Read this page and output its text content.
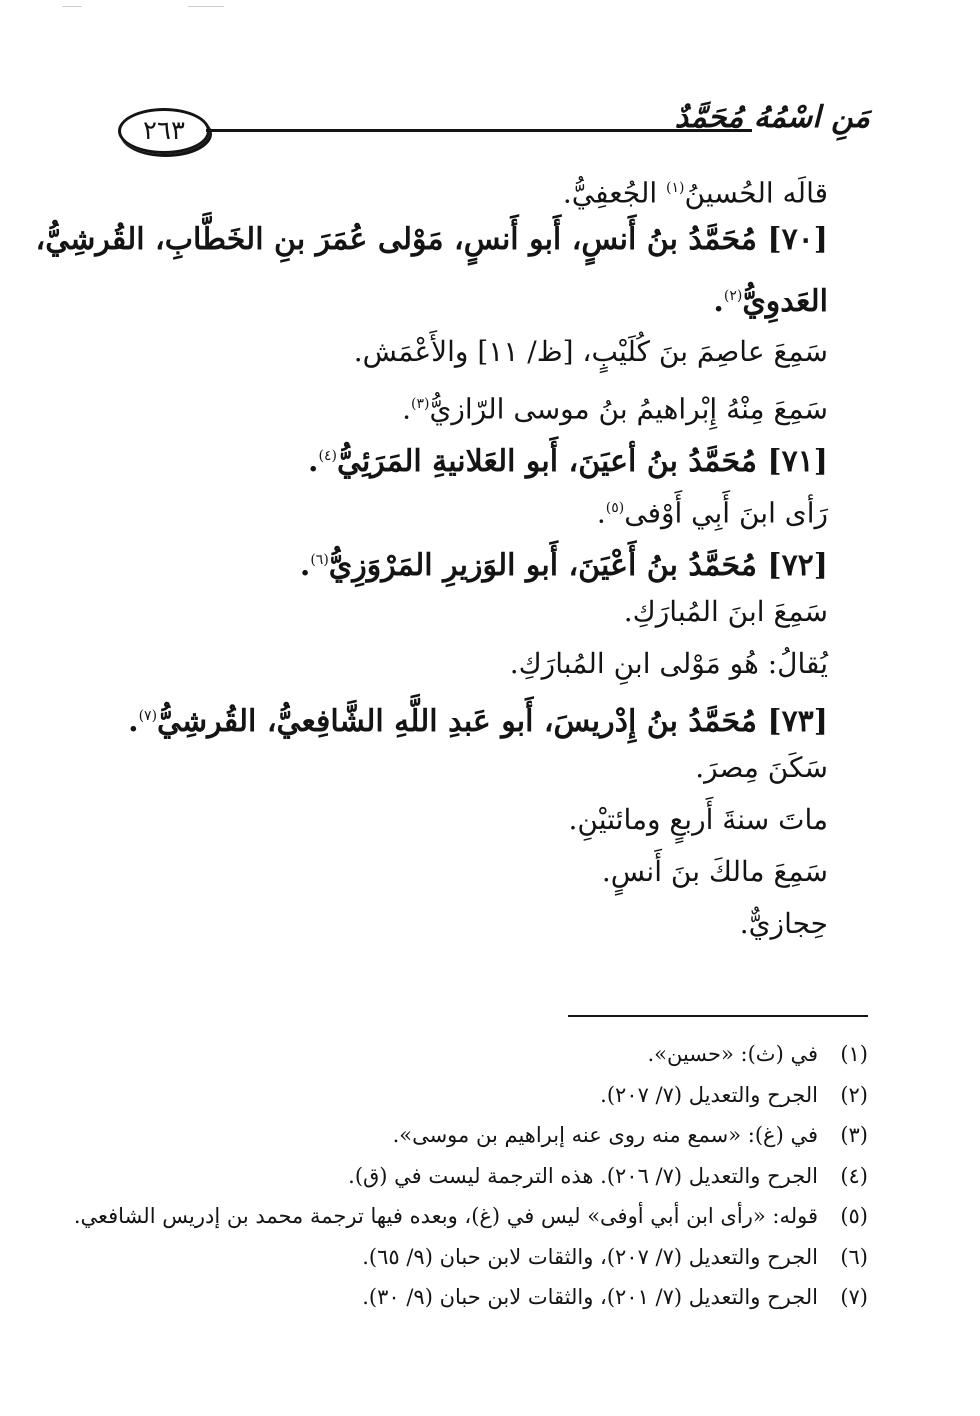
٢٦٣	مَنِ اسْمُهُ مُحَمَّدٌ
قالَه الحُسينُ$^{(١)}$ الجُعفِيُّ.
[٧٠] مُحَمَّدُ بنُ أَنسٍ، أَبو أَنسٍ، مَوْلى عُمَرَ بنِ الخَطَّابِ، القُرشِيُّ،
العَدوِيُّ$^{(٢)}$.
سَمِعَ عاصِمَ بنَ كُلَيْبٍ، [ظ/ ١١] والأَعْمَش.
سَمِعَ مِنْهُ إِبْراهيمُ بنُ موسى الرّازيُّ$^{(٣)}$.
[٧١] مُحَمَّدُ بنُ أعيَنَ، أَبو العَلانيةِ المَرَئِيُّ$^{(٤)}$.
رَأى ابنَ أَبِي أَوْفى$^{(٥)}$.
[٧٢] مُحَمَّدُ بنُ أَعْيَنَ، أَبو الوَزيرِ المَرْوَزِيُّ$^{(٦)}$.
سَمِعَ ابنَ المُبارَكِ.
يُقالُ: هُو مَوْلى ابنِ المُبارَكِ.
[٧٣] مُحَمَّدُ بنُ إِدْريسَ، أَبو عَبدِ اللَّهِ الشَّافِعيُّ، القُرشِيُّ$^{(٧)}$.
سَكَنَ مِصرَ.
ماتَ سنةَ أَربعٍ ومائتيْنِ.
سَمِعَ مالكَ بنَ أَنسٍ.
حِجازيٌّ.
(١)في (ث): «حسين».
(٢)الجرح والتعديل (٧/ ٢٠٧).
(٣)في (غ): «سمع منه روى عنه إبراهيم بن موسى».
(٤)الجرح والتعديل (٧/ ٢٠٦). هذه الترجمة ليست في (ق).
(٥)قوله: «رأى ابن أبي أوفى» ليس في (غ)، وبعده فيها ترجمة محمد بن إدريس الشافعي.
(٦)الجرح والتعديل (٧/ ٢٠٧)، والثقات لابن حبان (٩/ ٦٥).
(٧)الجرح والتعديل (٧/ ٢٠١)، والثقات لابن حبان (٩/ ٣٠).
